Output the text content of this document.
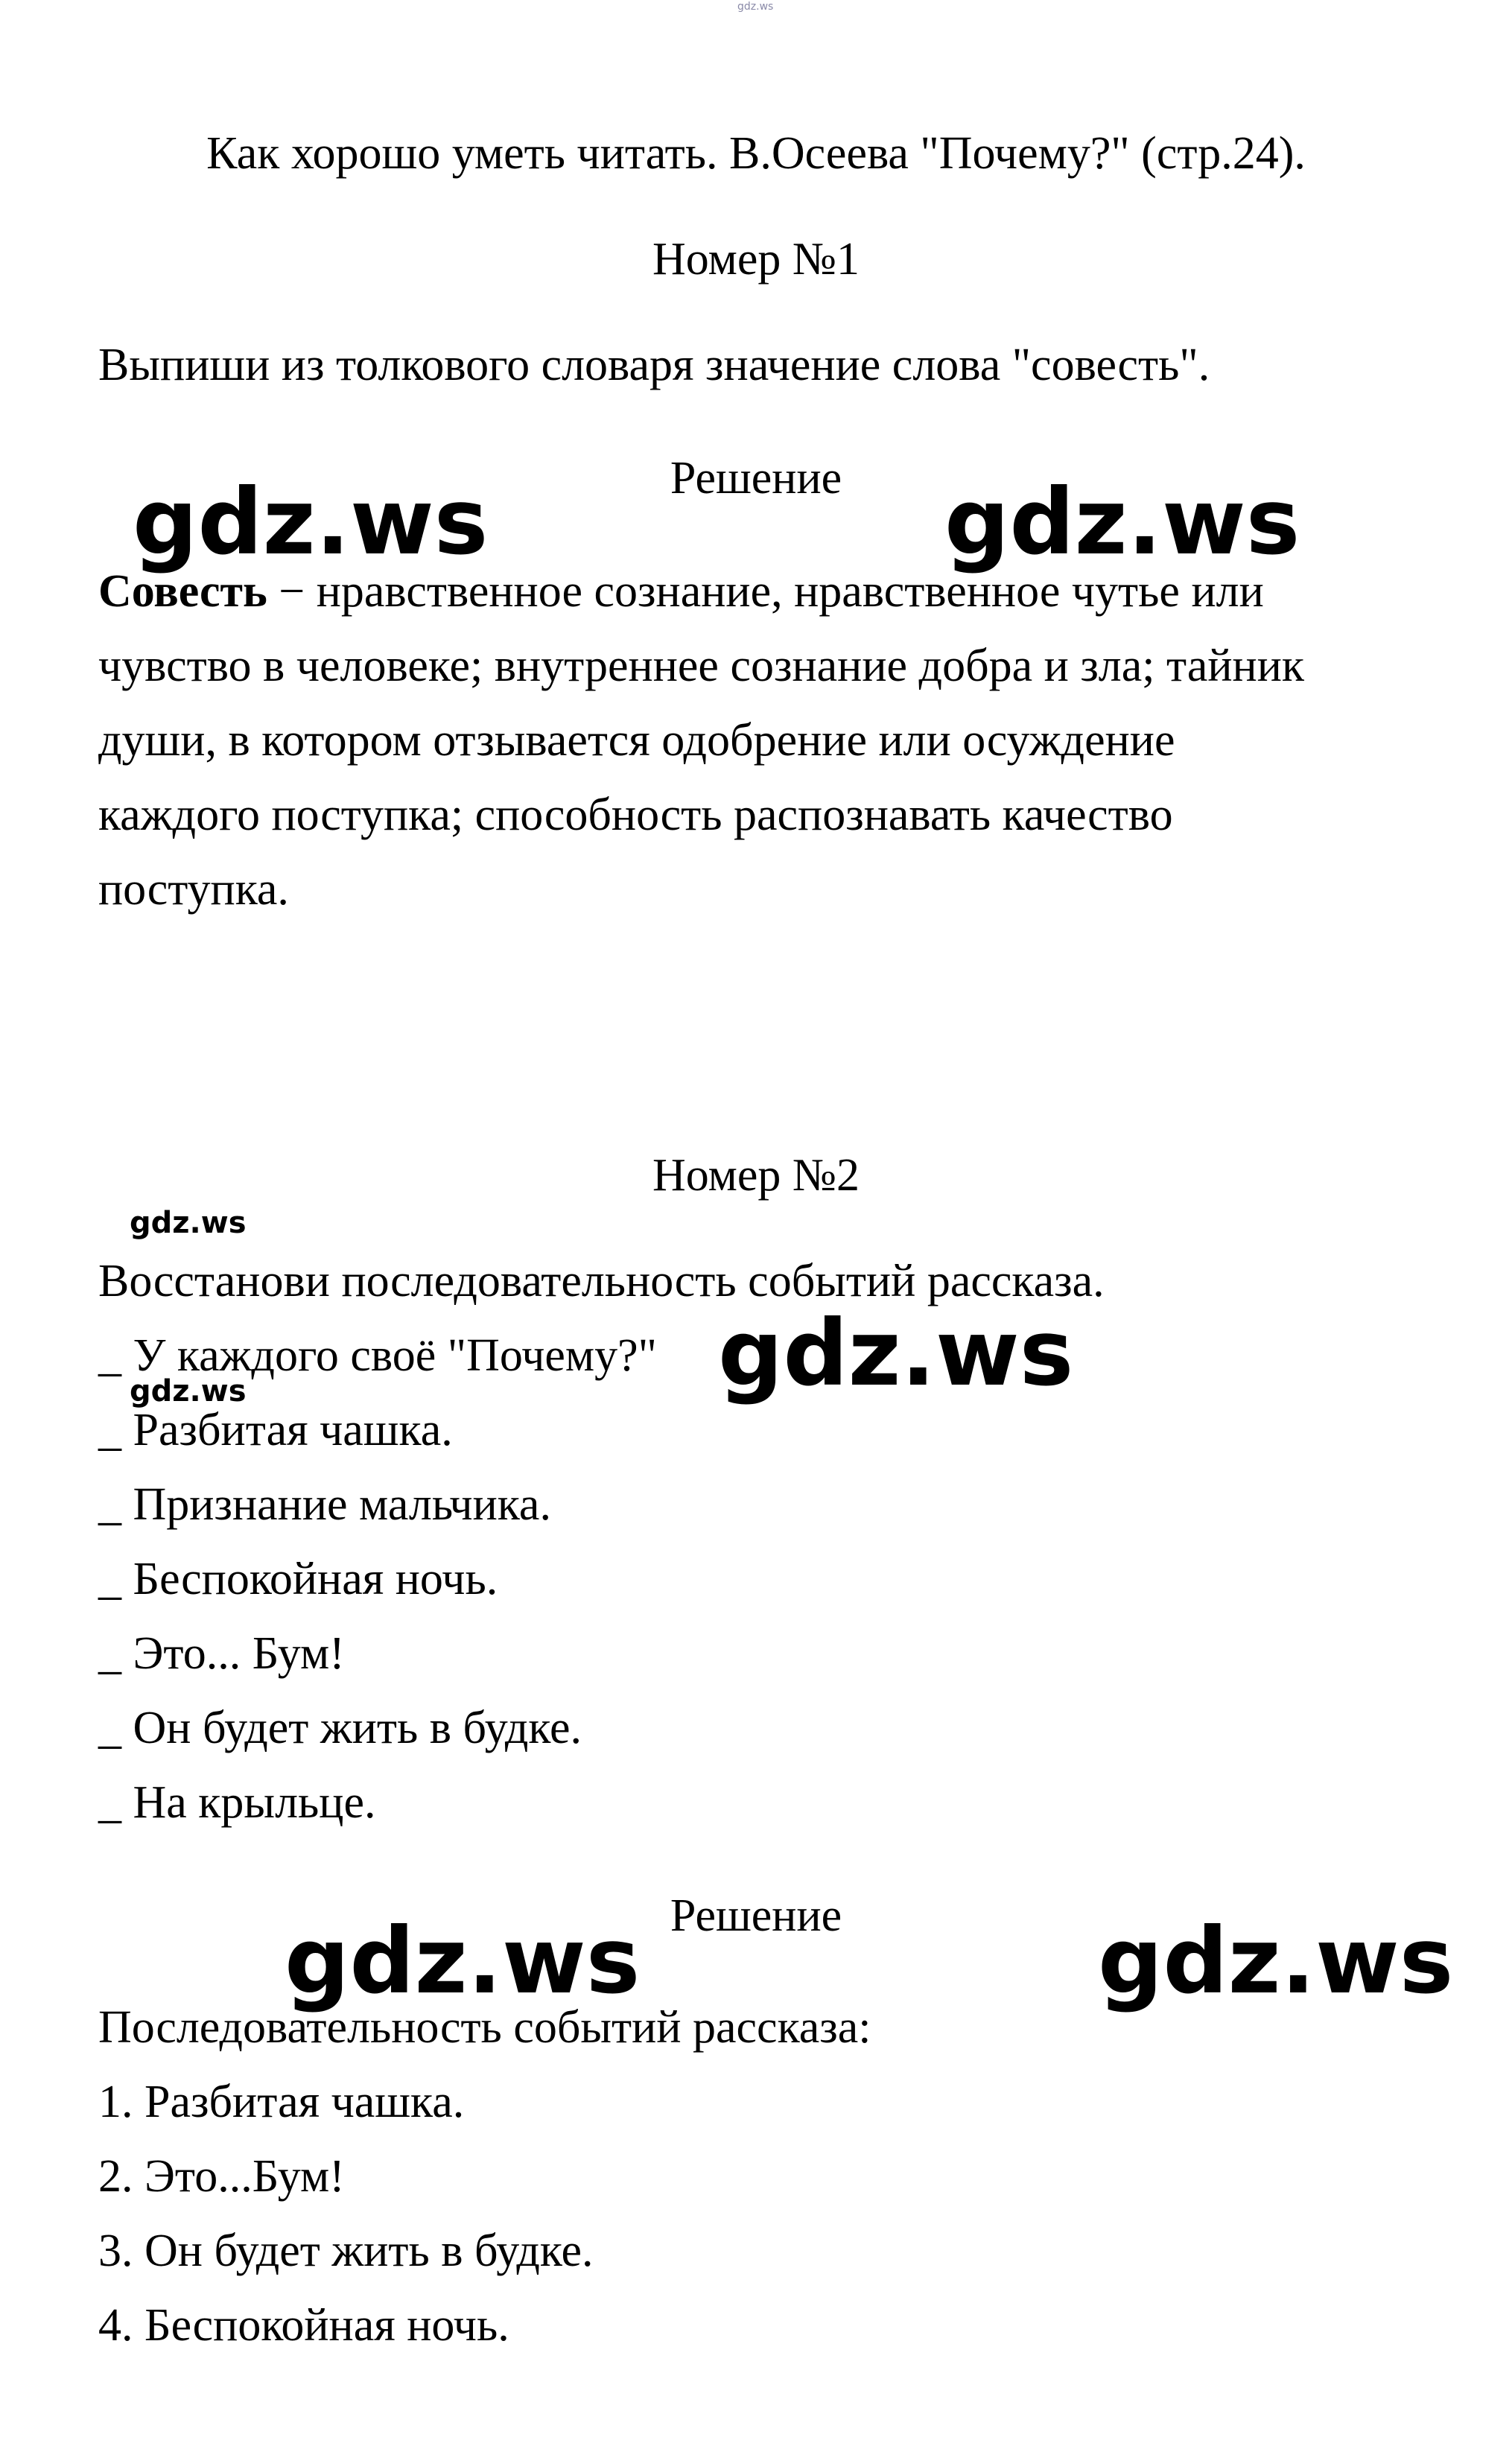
gdz.ws
Как хорошо уметь читать. В.Осеева "Почему?" (стр.24).
Номер №1
Выпиши из толкового словаря значение слова "совесть".
Решение
gdz.ws	gdz.ws
Совесть − нравственное сознание, нравственное чутье или
чувство в человеке; внутреннее сознание добра и зла; тайник
души, в котором отзывается одобрение или осуждение
каждого поступка; способность распознавать качество
поступка.
Номер №2
gdz.ws
Восстанови последовательность событий рассказа.
gdz.ws
_ У каждого своё "Почему?"
gdz.ws
_ Разбитая чашка.
_ Признание мальчика.
_ Беспокойная ночь.
_ Это... Бум!
_ Он будет жить в будке.
_ На крыльце.
Решение
gdz.ws	gdz.ws
Последовательность событий рассказа:
1. Разбитая чашка.
2. Это...Бум!
3. Он будет жить в будке.
4. Беспокойная ночь.
